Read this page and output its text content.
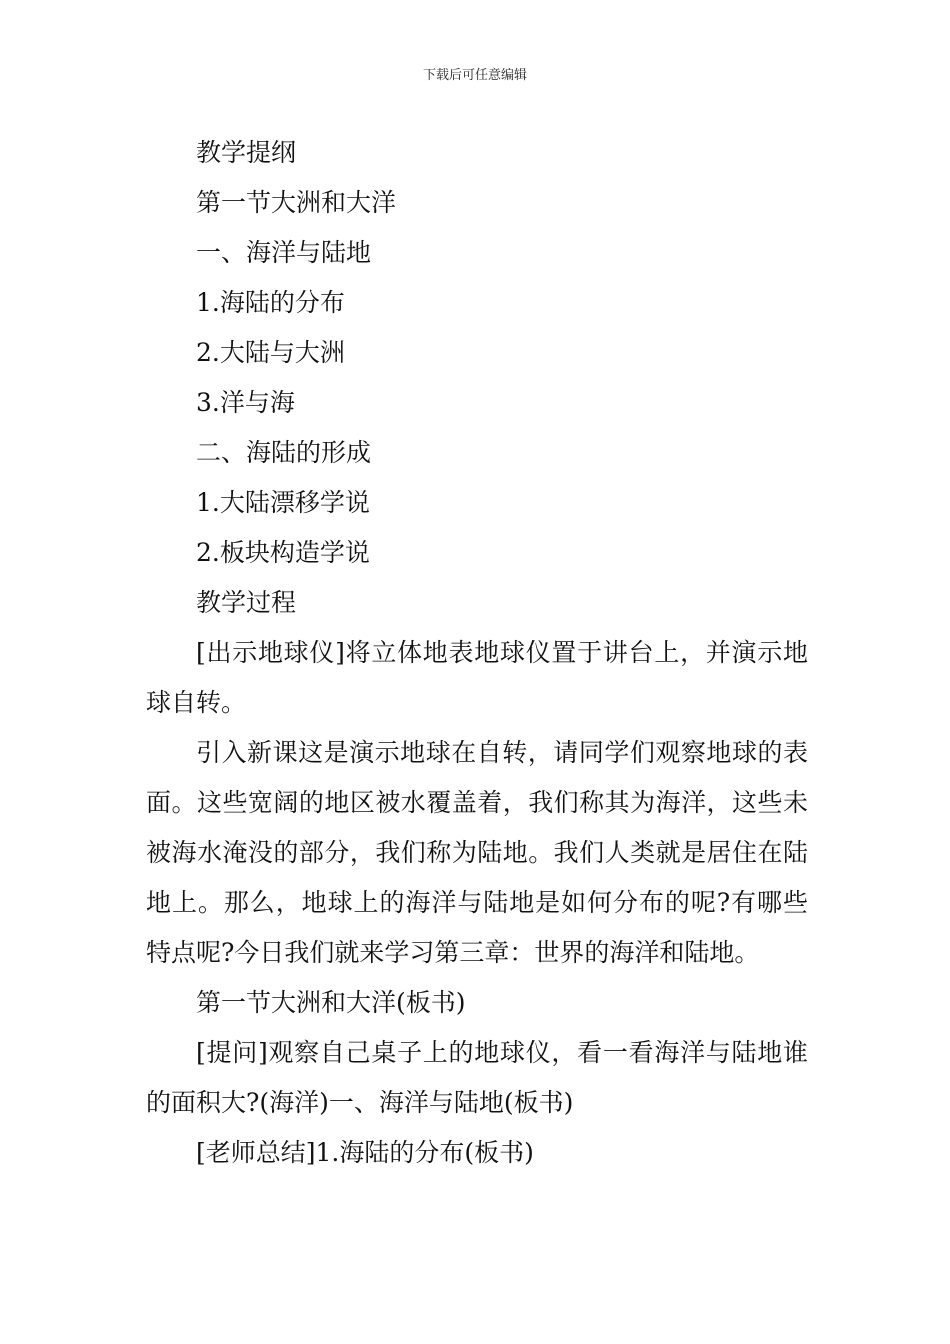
下载后可任意编辑
教学提纲
第一节大洲和大洋
一、海洋与陆地
1.海陆的分布
2.大陆与大洲
3.洋与海
二、海陆的形成
1.大陆漂移学说
2.板块构造学说
教学过程

[出示地球仪]将立体地表地球仪置于讲台上，并演示地球自转。

引入新课这是演示地球在自转，请同学们观察地球的表面。这些宽阔的地区被水覆盖着，我们称其为海洋，这些未被海水淹没的部分，我们称为陆地。我们人类就是居住在陆地上。那么，地球上的海洋与陆地是如何分布的呢?有哪些特点呢?今日我们就来学习第三章：世界的海洋和陆地。

第一节大洲和大洋(板书)

[提问]观察自己桌子上的地球仪，看一看海洋与陆地谁的面积大?(海洋)一、海洋与陆地(板书)

[老师总结]1.海陆的分布(板书)
